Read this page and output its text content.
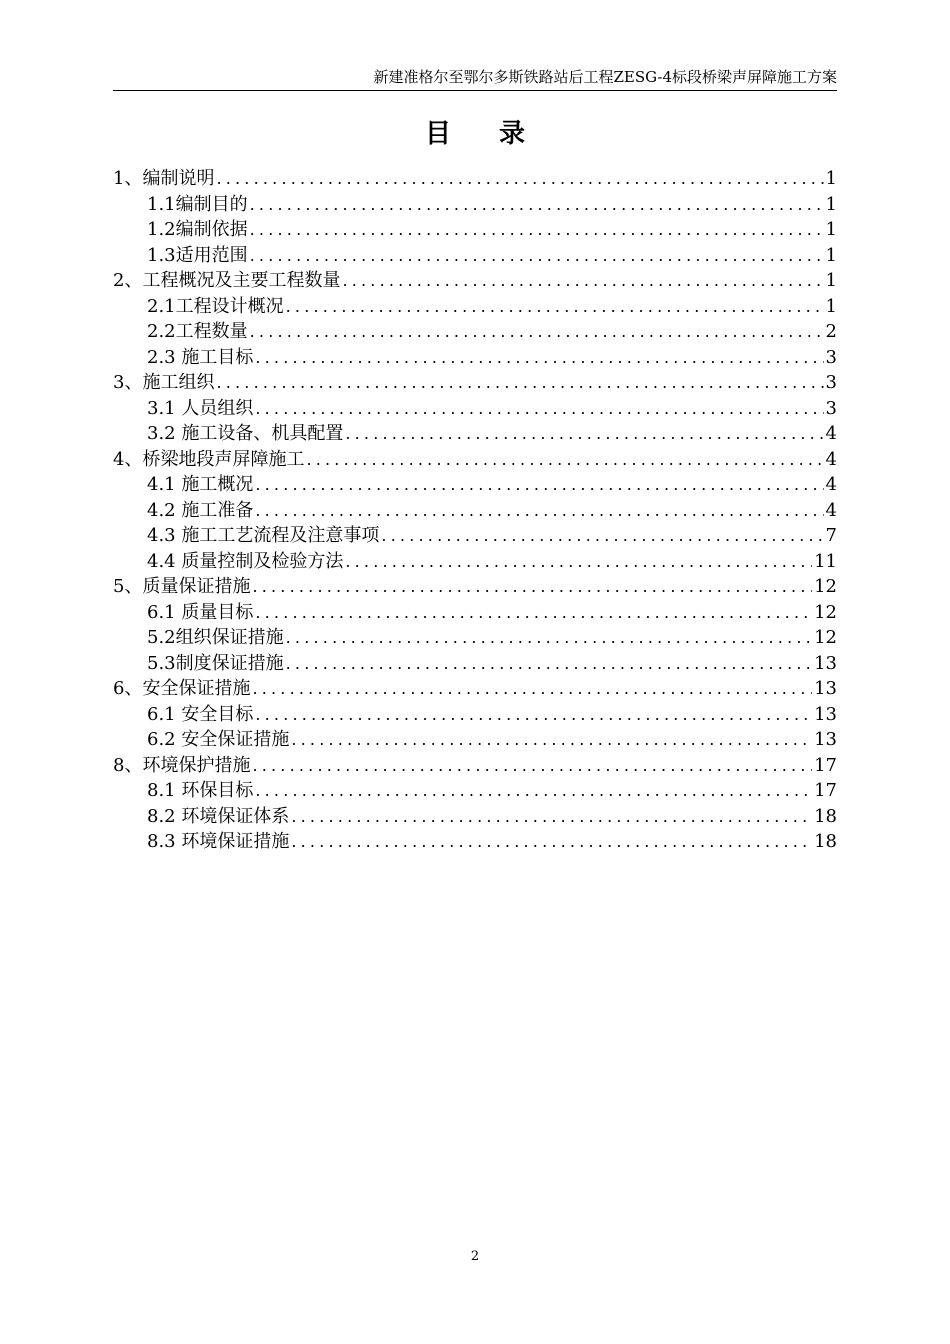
新建准格尔至鄂尔多斯铁路站后工程ZESG-4标段桥梁声屏障施工方案
目录
1、编制说明 .....	1
1.1编制目的 .....	1
1.2编制依据 .....	1
1.3适用范围 .....	1
2、工程概况及主要工程数量 .....	1
2.1工程设计概况 .....	1
2.2工程数量 .....	2
2.3 施工目标 .....	3
3、施工组织 .....	3
3.1 人员组织 .....	3
3.2 施工设备、机具配置 .....	4
4、桥梁地段声屏障施工 .....	4
4.1 施工概况 .....	4
4.2 施工准备 .....	4
4.3 施工工艺流程及注意事项 .....	7
4.4 质量控制及检验方法 .....	11
5、质量保证措施 .....	12
6.1 质量目标 .....	12
5.2组织保证措施 .....	12
5.3制度保证措施 .....	13
6、安全保证措施 .....	13
6.1 安全目标 .....	13
6.2 安全保证措施 .....	13
8、环境保护措施 .....	17
8.1 环保目标 .....	17
8.2 环境保证体系 .....	18
8.3 环境保证措施 .....	18
2
